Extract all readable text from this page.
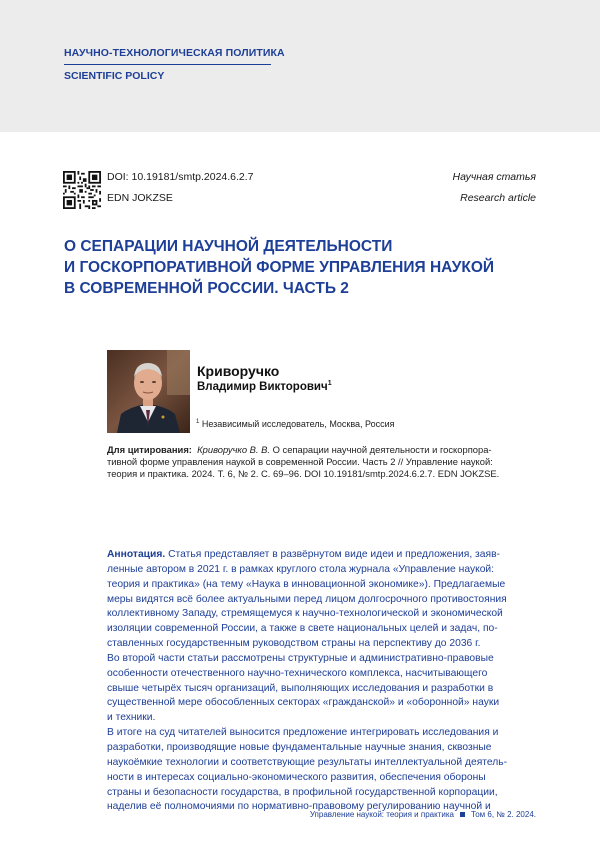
НАУЧНО-ТЕХНОЛОГИЧЕСКАЯ ПОЛИТИКА
SCIENTIFIC POLICY
DOI: 10.19181/smtp.2024.6.2.7
EDN JOKZSE
Научная статья
Research article
О СЕПАРАЦИИ НАУЧНОЙ ДЕЯТЕЛЬНОСТИ
И ГОСКОРПОРАТИВНОЙ ФОРМЕ УПРАВЛЕНИЯ НАУКОЙ
В СОВРЕМЕННОЙ РОССИИ. ЧАСТЬ 2
Криворучко
Владимир Викторович$^1$
$^1$ Независимый исследователь, Москва, Россия
Для цитирования: Криворучко В. В. О сепарации научной деятельности и госкорпора-
тивной форме управления наукой в современной России. Часть 2 // Управление наукой:
теория и практика. 2024. Т. 6, № 2. С. 69–96. DOI 10.19181/smtp.2024.6.2.7. EDN JOKZSE.
Аннотация. Статья представляет в развёрнутом виде идеи и предложения, заяв-
ленные автором в 2021 г. в рамках круглого стола журнала «Управление наукой:
теория и практика» (на тему «Наука в инновационной экономике»). Предлагаемые
меры видятся всё более актуальными перед лицом долгосрочного противостояния
коллективному Западу, стремящемуся к научно-технологической и экономической
изоляции современной России, а также в свете национальных целей и задач, по-
ставленных государственным руководством страны на перспективу до 2036 г.
Во второй части статьи рассмотрены структурные и административно-правовые
особенности отечественного научно-технического комплекса, насчитывающего
свыше четырёх тысяч организаций, выполняющих исследования и разработки в
существенной мере обособленных секторах «гражданской» и «оборонной» науки
и техники.
В итоге на суд читателей выносится предложение интегрировать исследования и
разработки, производящие новые фундаментальные научные знания, сквозные
наукоёмкие технологии и соответствующие результаты интеллектуальной деятель-
ности в интересах социально-экономического развития, обеспечения обороны
страны и безопасности государства, в профильной государственной корпорации,
наделив её полномочиями по нормативно-правовому регулированию научной и
Управление наукой: теория и практика Том 6, № 2. 2024.
